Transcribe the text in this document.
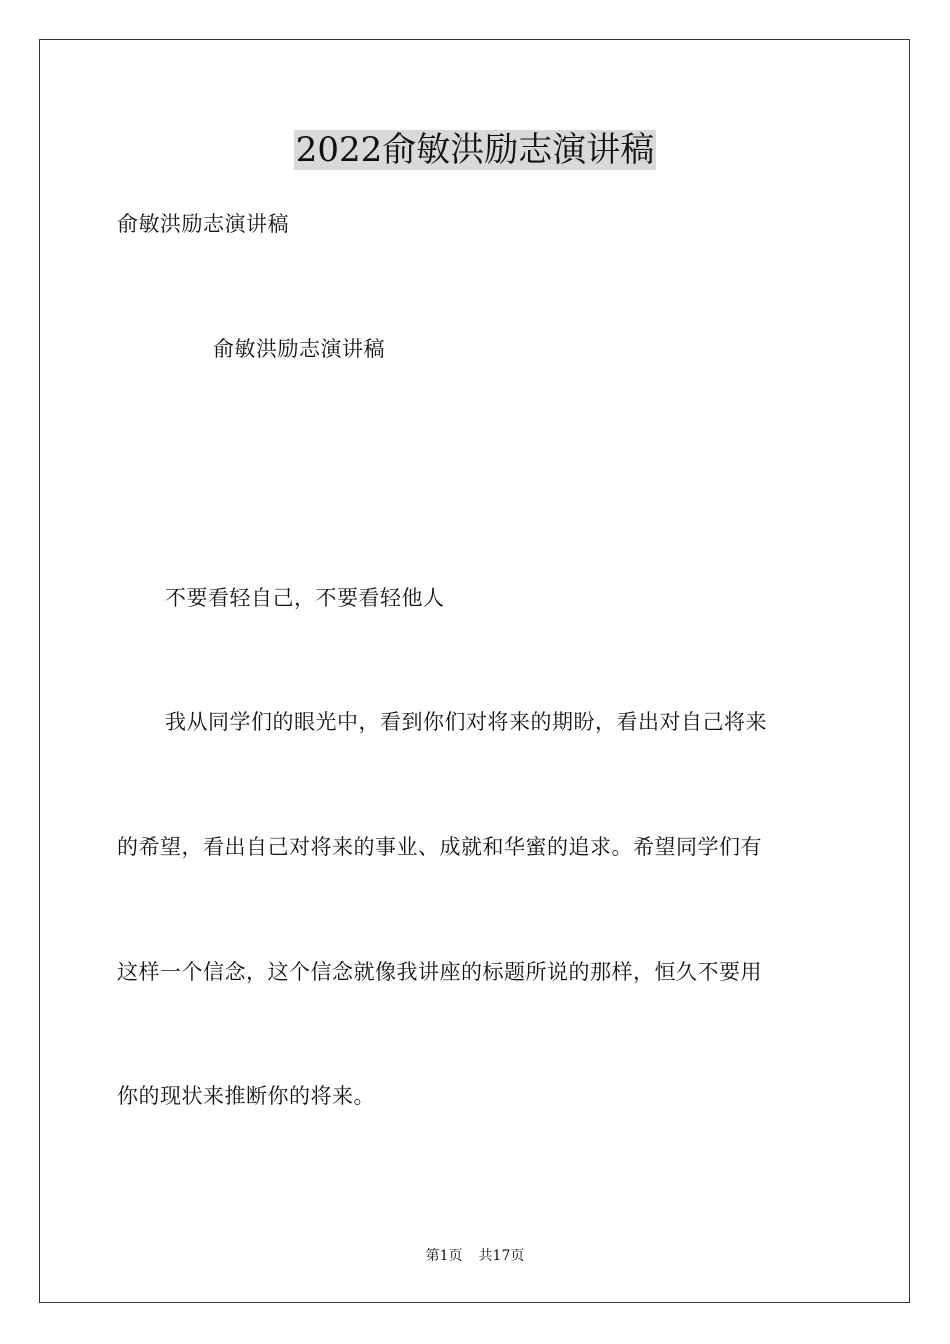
2022俞敏洪励志演讲稿
俞敏洪励志演讲稿
俞敏洪励志演讲稿
不要看轻自己，不要看轻他人
我从同学们的眼光中，看到你们对将来的期盼，看出对自己将来
的希望，看出自己对将来的事业、成就和华蜜的追求。希望同学们有
这样一个信念，这个信念就像我讲座的标题所说的那样，恒久不要用
你的现状来推断你的将来。
第1页 共17页
